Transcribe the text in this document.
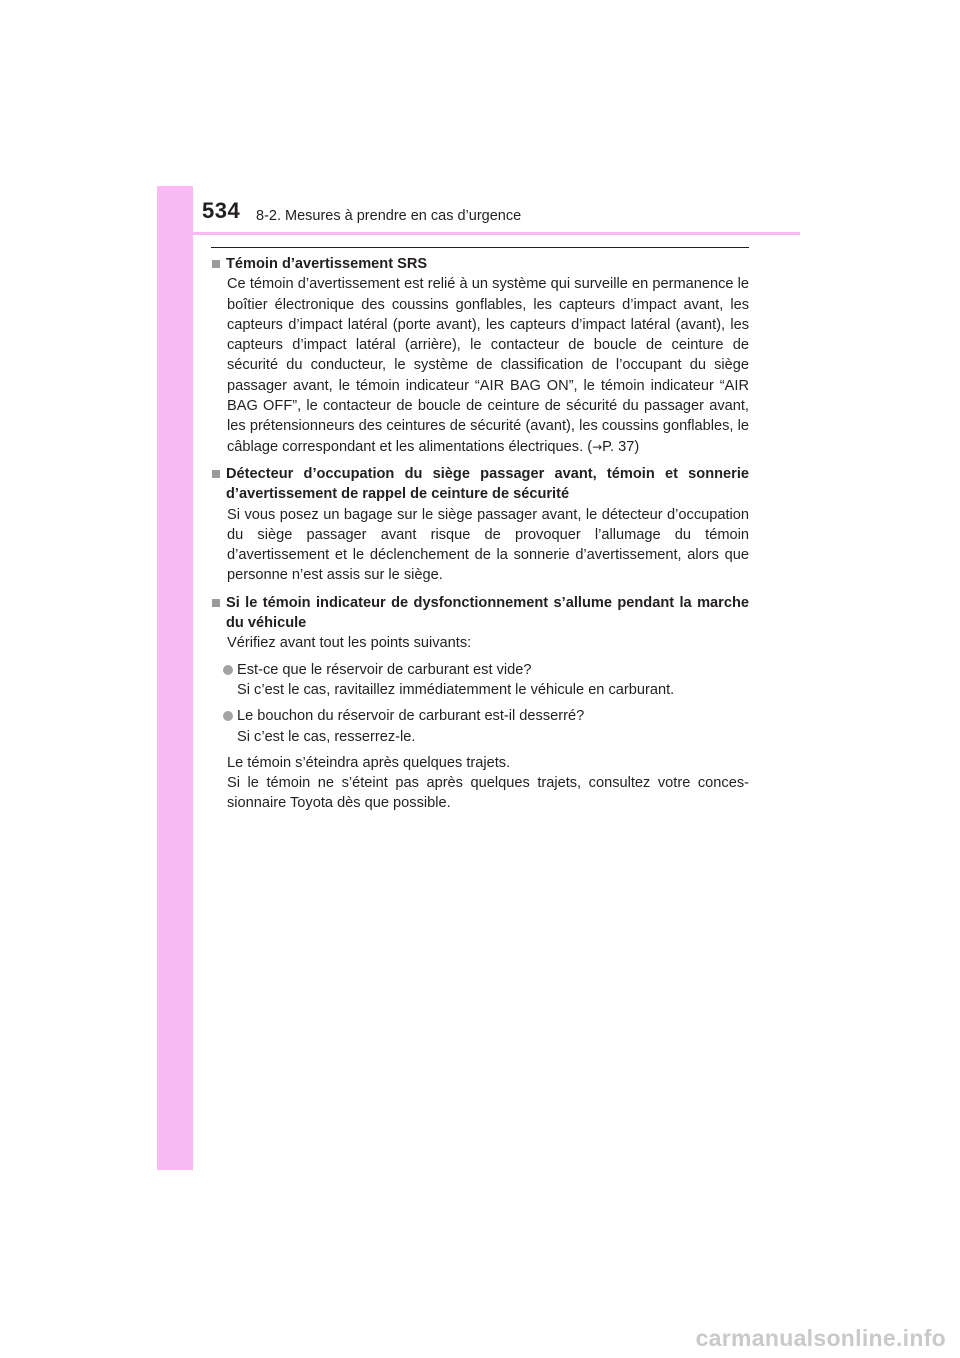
534 8-2. Mesures à prendre en cas d’urgence
Témoin d’avertissement SRS
Ce témoin d’avertissement est relié à un système qui surveille en permanence le boîtier électronique des coussins gonflables, les capteurs d’impact avant, les capteurs d’impact latéral (porte avant), les capteurs d’impact latéral (avant), les capteurs d’impact latéral (arrière), le contacteur de boucle de ceinture de sécurité du conducteur, le système de classification de l’occupant du siège passager avant, le témoin indicateur “AIR BAG ON”, le témoin indicateur “AIR BAG OFF”, le contacteur de boucle de ceinture de sécurité du passager avant, les prétensionneurs des ceintures de sécurité (avant), les coussins gonflables, le câblage correspondant et les alimentations électriques. (→P. 37)
Détecteur d’occupation du siège passager avant, témoin et sonnerie d’avertissement de rappel de ceinture de sécurité
Si vous posez un bagage sur le siège passager avant, le détecteur d’occupation du siège passager avant risque de provoquer l’allumage du témoin d’avertissement et le déclenchement de la sonnerie d’avertissement, alors que personne n’est assis sur le siège.
Si le témoin indicateur de dysfonctionnement s’allume pendant la marche du véhicule
Vérifiez avant tout les points suivants:
Est-ce que le réservoir de carburant est vide?
Si c’est le cas, ravitaillez immédiatemment le véhicule en carburant.
Le bouchon du réservoir de carburant est-il desserré?
Si c’est le cas, resserrez-le.
Le témoin s’éteindra après quelques trajets.
Si le témoin ne s’éteint pas après quelques trajets, consultez votre concessionnaire Toyota dès que possible.
carmanualsonline.info
